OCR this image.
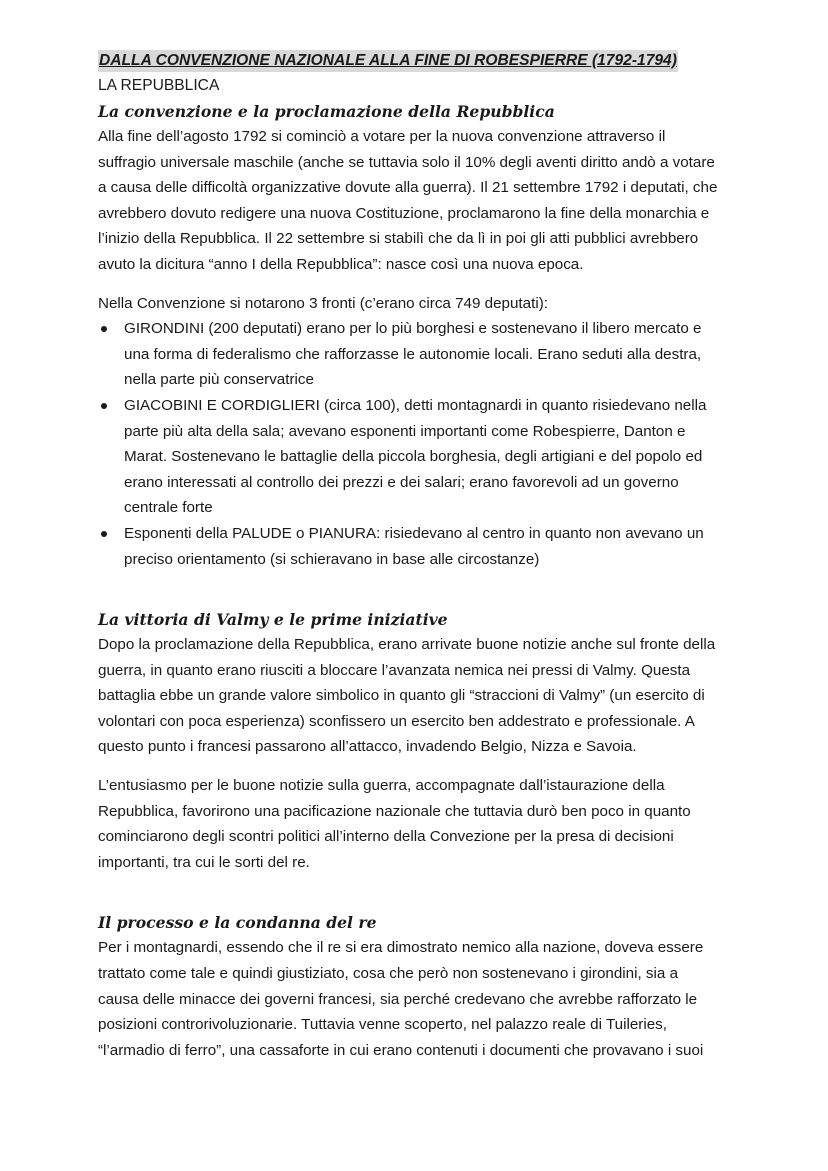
DALLA CONVENZIONE NAZIONALE ALLA FINE DI ROBESPIERRE (1792-1794)
LA REPUBBLICA
La convenzione e la proclamazione della Repubblica
Alla fine dell’agosto 1792 si cominciò a votare per la nuova convenzione attraverso il
suffragio universale maschile (anche se tuttavia solo il 10% degli aventi diritto andò a votare
a causa delle difficoltà organizzative dovute alla guerra). Il 21 settembre 1792 i deputati, che
avrebbero dovuto redigere una nuova Costituzione, proclamarono la fine della monarchia e
l’inizio della Repubblica. Il 22 settembre si stabilì che da lì in poi gli atti pubblici avrebbero
avuto la dicitura “anno I della Repubblica”: nasce così una nuova epoca.
Nella Convenzione si notarono 3 fronti (c’erano circa 749 deputati):
GIRONDINI (200 deputati) erano per lo più borghesi e sostenevano il libero mercato e
una forma di federalismo che rafforzasse le autonomie locali. Erano seduti alla destra,
nella parte più conservatrice
GIACOBINI E CORDIGLIERI (circa 100), detti montagnardi in quanto risiedevano nella
parte più alta della sala; avevano esponenti importanti come Robespierre, Danton e
Marat. Sostenevano le battaglie della piccola borghesia, degli artigiani e del popolo ed
erano interessati al controllo dei prezzi e dei salari; erano favorevoli ad un governo
centrale forte
Esponenti della PALUDE o PIANURA: risiedevano al centro in quanto non avevano un
preciso orientamento (si schieravano in base alle circostanze)
La vittoria di Valmy e le prime iniziative
Dopo la proclamazione della Repubblica, erano arrivate buone notizie anche sul fronte della
guerra, in quanto erano riusciti a bloccare l’avanzata nemica nei pressi di Valmy. Questa
battaglia ebbe un grande valore simbolico in quanto gli “straccioni di Valmy” (un esercito di
volontari con poca esperienza) sconfissero un esercito ben addestrato e professionale. A
questo punto i francesi passarono all’attacco, invadendo Belgio, Nizza e Savoia.
L’entusiasmo per le buone notizie sulla guerra, accompagnate dall’istaurazione della
Repubblica, favorirono una pacificazione nazionale che tuttavia durò ben poco in quanto
cominciarono degli scontri politici all’interno della Convezione per la presa di decisioni
importanti, tra cui le sorti del re.
Il processo e la condanna del re
Per i montagnardi, essendo che il re si era dimostrato nemico alla nazione, doveva essere
trattato come tale e quindi giustiziato, cosa che però non sostenevano i girondini, sia a
causa delle minacce dei governi francesi, sia perché credevano che avrebbe rafforzato le
posizioni controrivoluzionarie. Tuttavia venne scoperto, nel palazzo reale di Tuileries,
“l’armadio di ferro”, una cassaforte in cui erano contenuti i documenti che provavano i suoi
